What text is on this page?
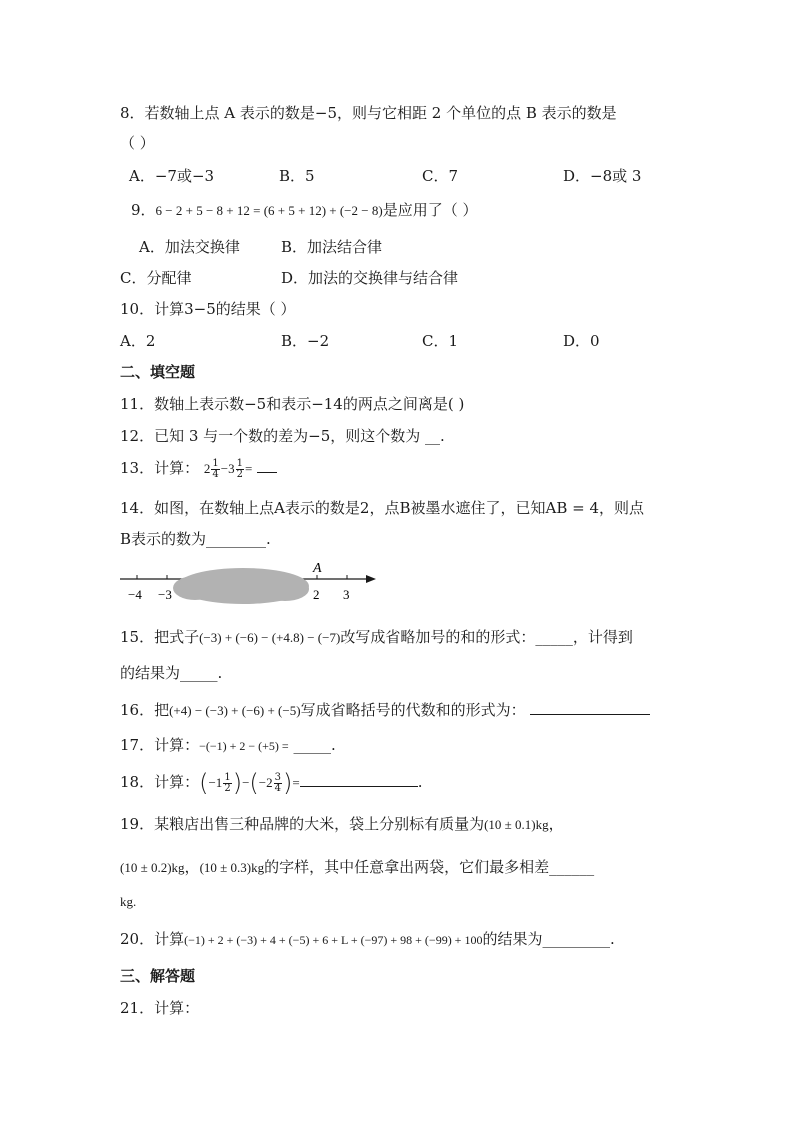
8．若数轴上点 A 表示的数是−5，则与它相距 2 个单位的点 B 表示的数是
（ ）
A．−7或−3	B．5	C．7	D．−8或 3
9．6 − 2 + 5 − 8 + 12 = (6 + 5 + 12) + (−2 − 8)是应用了（ ）
A．加法交换律	B．加法结合律
C．分配律	D．加法的交换律与结合律
10．计算3−5的结果（ ）
A．2	B．−2	C．1	D．0
二、填空题
11．数轴上表示数−5和表示−14的两点之间离是( )
12．已知 3 与一个数的差为−5，则这个数为 __.
13．计算： $2 \frac{1}{4} -3 \frac{1}{2}$ =
14．如图，在数轴上点A表示的数是2，点B被墨水遮住了，已知AB = 4，则点
B表示的数为________.
A
−4 −3	2 3
15．把式子(−3) + (−6) − (+4.8) − (−7)改写成省略加号的和的形式：_____，计得到
的结果为_____.
16．把(+4) − (−3) + (−6) + (−5)写成省略括号的代数和的形式为：
17．计算：−(−1) + 2 − (+5) = _____.
18．计算：$(-1 \frac{1}{2} )-(-2 \frac{3}{4}$ )=	.
19．某粮店出售三种品牌的大米，袋上分别标有质量为(10 ± 0.1)kg，
(10 ± 0.2)kg，(10 ± 0.3)kg的字样，其中任意拿出两袋，它们最多相差______
kg.
20．计算(−1) + 2 + (−3) + 4 + (−5) + 6 + L + (−97) + 98 + (−99) + 100的结果为_________.
三、解答题
21．计算：
